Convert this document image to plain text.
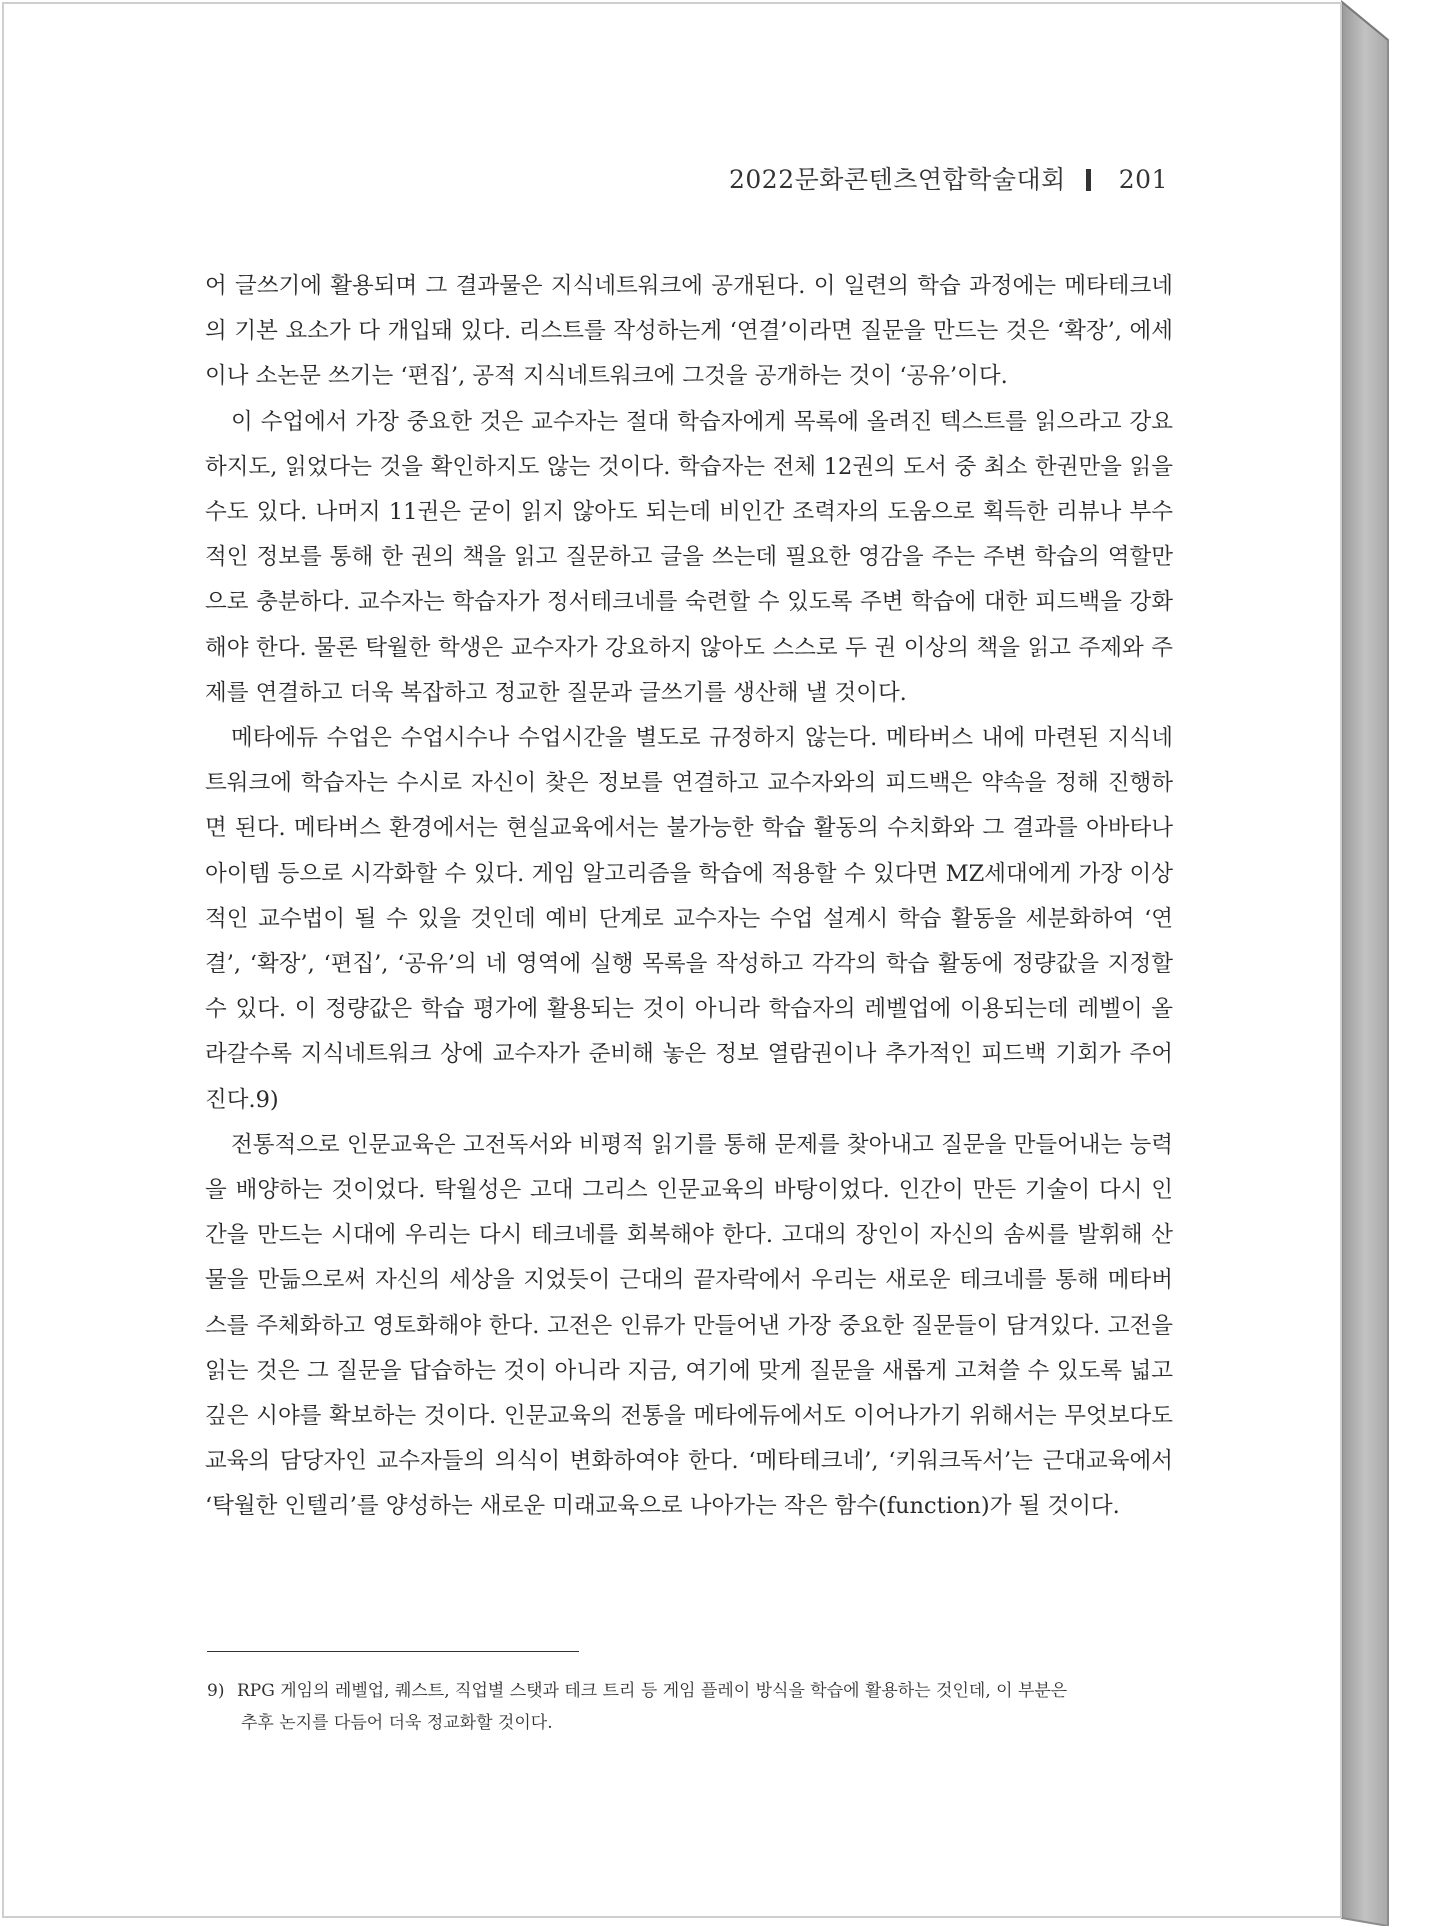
2022문화콘텐츠연합학술대회 201

어 글쓰기에 활용되며 그 결과물은 지식네트워크에 공개된다. 이 일련의 학습 과정에는 메타테크네의 기본 요소가 다 개입돼 있다. 리스트를 작성하는게 ‘연결’이라면 질문을 만드는 것은 ‘확장’, 에세이나 소논문 쓰기는 ‘편집’, 공적 지식네트워크에 그것을 공개하는 것이 ‘공유’이다.

이 수업에서 가장 중요한 것은 교수자는 절대 학습자에게 목록에 올려진 텍스트를 읽으라고 강요하지도, 읽었다는 것을 확인하지도 않는 것이다. 학습자는 전체 12권의 도서 중 최소 한권만을 읽을 수도 있다. 나머지 11권은 굳이 읽지 않아도 되는데 비인간 조력자의 도움으로 획득한 리뷰나 부수적인 정보를 통해 한 권의 책을 읽고 질문하고 글을 쓰는데 필요한 영감을 주는 주변 학습의 역할만으로 충분하다. 교수자는 학습자가 정서테크네를 숙련할 수 있도록 주변 학습에 대한 피드백을 강화해야 한다. 물론 탁월한 학생은 교수자가 강요하지 않아도 스스로 두 권 이상의 책을 읽고 주제와 주제를 연결하고 더욱 복잡하고 정교한 질문과 글쓰기를 생산해 낼 것이다.

메타에듀 수업은 수업시수나 수업시간을 별도로 규정하지 않는다. 메타버스 내에 마련된 지식네트워크에 학습자는 수시로 자신이 찾은 정보를 연결하고 교수자와의 피드백은 약속을 정해 진행하면 된다. 메타버스 환경에서는 현실교육에서는 불가능한 학습 활동의 수치화와 그 결과를 아바타나 아이템 등으로 시각화할 수 있다. 게임 알고리즘을 학습에 적용할 수 있다면 MZ세대에게 가장 이상적인 교수법이 될 수 있을 것인데 예비 단계로 교수자는 수업 설계시 학습 활동을 세분화하여 ‘연결’, ‘확장’, ‘편집’, ‘공유’의 네 영역에 실행 목록을 작성하고 각각의 학습 활동에 정량값을 지정할 수 있다. 이 정량값은 학습 평가에 활용되는 것이 아니라 학습자의 레벨업에 이용되는데 레벨이 올라갈수록 지식네트워크 상에 교수자가 준비해 놓은 정보 열람권이나 추가적인 피드백 기회가 주어진다.9)

전통적으로 인문교육은 고전독서와 비평적 읽기를 통해 문제를 찾아내고 질문을 만들어내는 능력을 배양하는 것이었다. 탁월성은 고대 그리스 인문교육의 바탕이었다. 인간이 만든 기술이 다시 인간을 만드는 시대에 우리는 다시 테크네를 회복해야 한다. 고대의 장인이 자신의 솜씨를 발휘해 산물을 만듦으로써 자신의 세상을 지었듯이 근대의 끝자락에서 우리는 새로운 테크네를 통해 메타버스를 주체화하고 영토화해야 한다. 고전은 인류가 만들어낸 가장 중요한 질문들이 담겨있다. 고전을 읽는 것은 그 질문을 답습하는 것이 아니라 지금, 여기에 맞게 질문을 새롭게 고쳐쓸 수 있도록 넓고 깊은 시야를 확보하는 것이다. 인문교육의 전통을 메타에듀에서도 이어나가기 위해서는 무엇보다도 교육의 담당자인 교수자들의 의식이 변화하여야 한다. ‘메타테크네’, ‘키워크독서’는 근대교육에서 ‘탁월한 인텔리’를 양성하는 새로운 미래교육으로 나아가는 작은 함수(function)가 될 것이다.

9) RPG 게임의 레벨업, 퀘스트, 직업별 스탯과 테크 트리 등 게임 플레이 방식을 학습에 활용하는 것인데, 이 부분은
추후 논지를 다듬어 더욱 정교화할 것이다.
